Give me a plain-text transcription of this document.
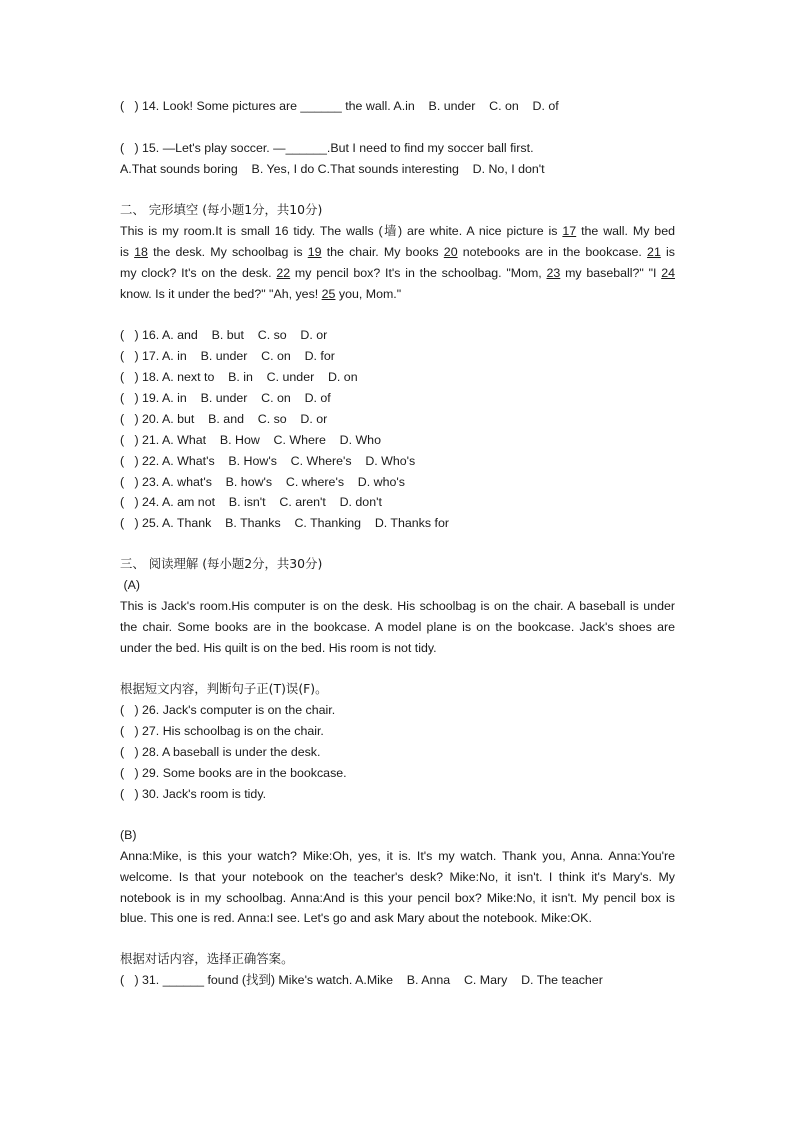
(   ) 14. Look! Some pictures are ______ the wall. A.in    B. under    C. on    D. of
(   ) 15. —Let's play soccer. —______.But I need to find my soccer ball first.
A.That sounds boring    B. Yes, I do C.That sounds interesting    D. No, I don't
二、 完形填空 (每小题1分，共10分)
This is my room.It is small 16 tidy. The walls (墙) are white. A nice picture is 17 the wall. My bed
is 18 the desk. My schoolbag is 19 the chair. My books 20 notebooks are in the bookcase. 21 is
my clock? It's on the desk. 22 my pencil box? It's in the schoolbag. "Mom, 23 my baseball?" "I 24
know. Is it under the bed?" "Ah, yes! 25 you, Mom."
(   ) 16. A. and    B. but    C. so    D. or
(   ) 17. A. in    B. under    C. on    D. for
(   ) 18. A. next to    B. in    C. under    D. on
(   ) 19. A. in    B. under    C. on    D. of
(   ) 20. A. but    B. and    C. so    D. or
(   ) 21. A. What    B. How    C. Where    D. Who
(   ) 22. A. What's    B. How's    C. Where's    D. Who's
(   ) 23. A. what's    B. how's    C. where's    D. who's
(   ) 24. A. am not    B. isn't    C. aren't    D. don't
(   ) 25. A. Thank    B. Thanks    C. Thanking    D. Thanks for
三、 阅读理解 (每小题2分，共30分)
(A)
This is Jack's room.His computer is on the desk. His schoolbag is on the chair. A baseball is under
the chair. Some books are in the bookcase. A model plane is on the bookcase. Jack's shoes are
under the bed. His quilt is on the bed. His room is not tidy.
根据短文内容，判断句子正(T)误(F)。
(   ) 26. Jack's computer is on the chair.
(   ) 27. His schoolbag is on the chair.
(   ) 28. A baseball is under the desk.
(   ) 29. Some books are in the bookcase.
(   ) 30. Jack's room is tidy.
(B)
Anna:Mike, is this your watch? Mike:Oh, yes, it is. It's my watch. Thank you, Anna. Anna:You're
welcome. Is that your notebook on the teacher's desk? Mike:No, it isn't. I think it's Mary's. My
notebook is in my schoolbag. Anna:And is this your pencil box? Mike:No, it isn't. My pencil box is
blue. This one is red. Anna:I see. Let's go and ask Mary about the notebook. Mike:OK.
根据对话内容，选择正确答案。
(   ) 31. ______ found (找到) Mike's watch. A.Mike    B. Anna    C. Mary    D. The teacher
